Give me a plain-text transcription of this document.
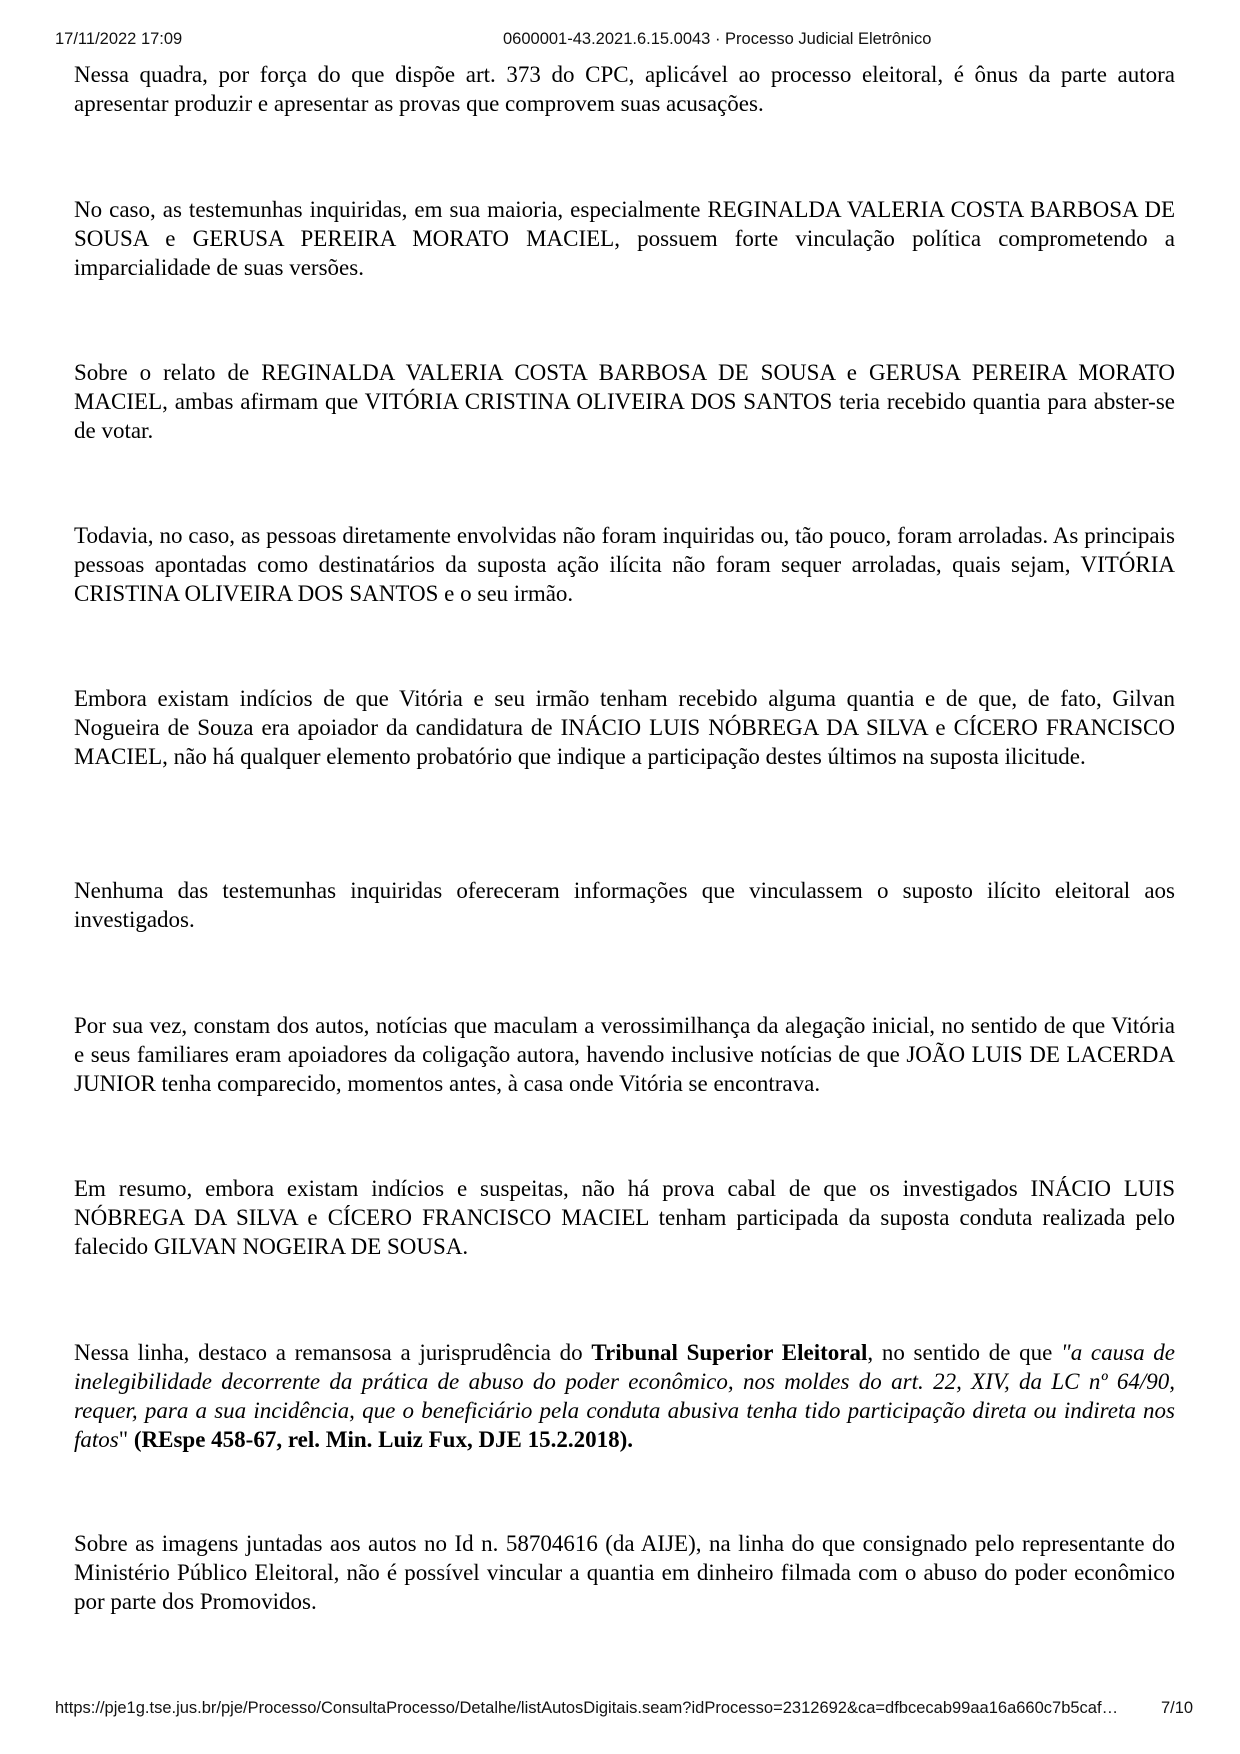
17/11/2022 17:09	0600001-43.2021.6.15.0043 · Processo Judicial Eletrônico

Nessa quadra, por força do que dispõe art. 373 do CPC, aplicável ao processo eleitoral, é ônus da parte autora apresentar produzir e apresentar as provas que comprovem suas acusações.

No caso, as testemunhas inquiridas, em sua maioria, especialmente REGINALDA VALERIA COSTA BARBOSA DE SOUSA e GERUSA PEREIRA MORATO MACIEL, possuem forte vinculação política comprometendo a imparcialidade de suas versões.

Sobre o relato de REGINALDA VALERIA COSTA BARBOSA DE SOUSA e GERUSA PEREIRA MORATO MACIEL, ambas afirmam que VITÓRIA CRISTINA OLIVEIRA DOS SANTOS teria recebido quantia para abster-se de votar.

Todavia, no caso, as pessoas diretamente envolvidas não foram inquiridas ou, tão pouco, foram arroladas. As principais pessoas apontadas como destinatários da suposta ação ilícita não foram sequer arroladas, quais sejam, VITÓRIA CRISTINA OLIVEIRA DOS SANTOS e o seu irmão.

Embora existam indícios de que Vitória e seu irmão tenham recebido alguma quantia e de que, de fato, Gilvan Nogueira de Souza era apoiador da candidatura de INÁCIO LUIS NÓBREGA DA SILVA e CÍCERO FRANCISCO MACIEL, não há qualquer elemento probatório que indique a participação destes últimos na suposta ilicitude.

Nenhuma das testemunhas inquiridas ofereceram informações que vinculassem o suposto ilícito eleitoral aos investigados.

Por sua vez, constam dos autos, notícias que maculam a verossimilhança da alegação inicial, no sentido de que Vitória e seus familiares eram apoiadores da coligação autora, havendo inclusive notícias de que JOÃO LUIS DE LACERDA JUNIOR tenha comparecido, momentos antes, à casa onde Vitória se encontrava.

Em resumo, embora existam indícios e suspeitas, não há prova cabal de que os investigados INÁCIO LUIS NÓBREGA DA SILVA e CÍCERO FRANCISCO MACIEL tenham participada da suposta conduta realizada pelo falecido GILVAN NOGEIRA DE SOUSA.

Nessa linha, destaco a remansosa a jurisprudência do Tribunal Superior Eleitoral, no sentido de que "a causa de inelegibilidade decorrente da prática de abuso do poder econômico, nos moldes do art. 22, XIV, da LC nº 64/90, requer, para a sua incidência, que o beneficiário pela conduta abusiva tenha tido participação direta ou indireta nos fatos" (REspe 458-67, rel. Min. Luiz Fux, DJE 15.2.2018).

Sobre as imagens juntadas aos autos no Id n. 58704616 (da AIJE), na linha do que consignado pelo representante do Ministério Público Eleitoral, não é possível vincular a quantia em dinheiro filmada com o abuso do poder econômico por parte dos Promovidos.

https://pje1g.tse.jus.br/pje/Processo/ConsultaProcesso/Detalhe/listAutosDigitais.seam?idProcesso=2312692&ca=dfbcecab99aa16a660c7b5caf…	7/10
